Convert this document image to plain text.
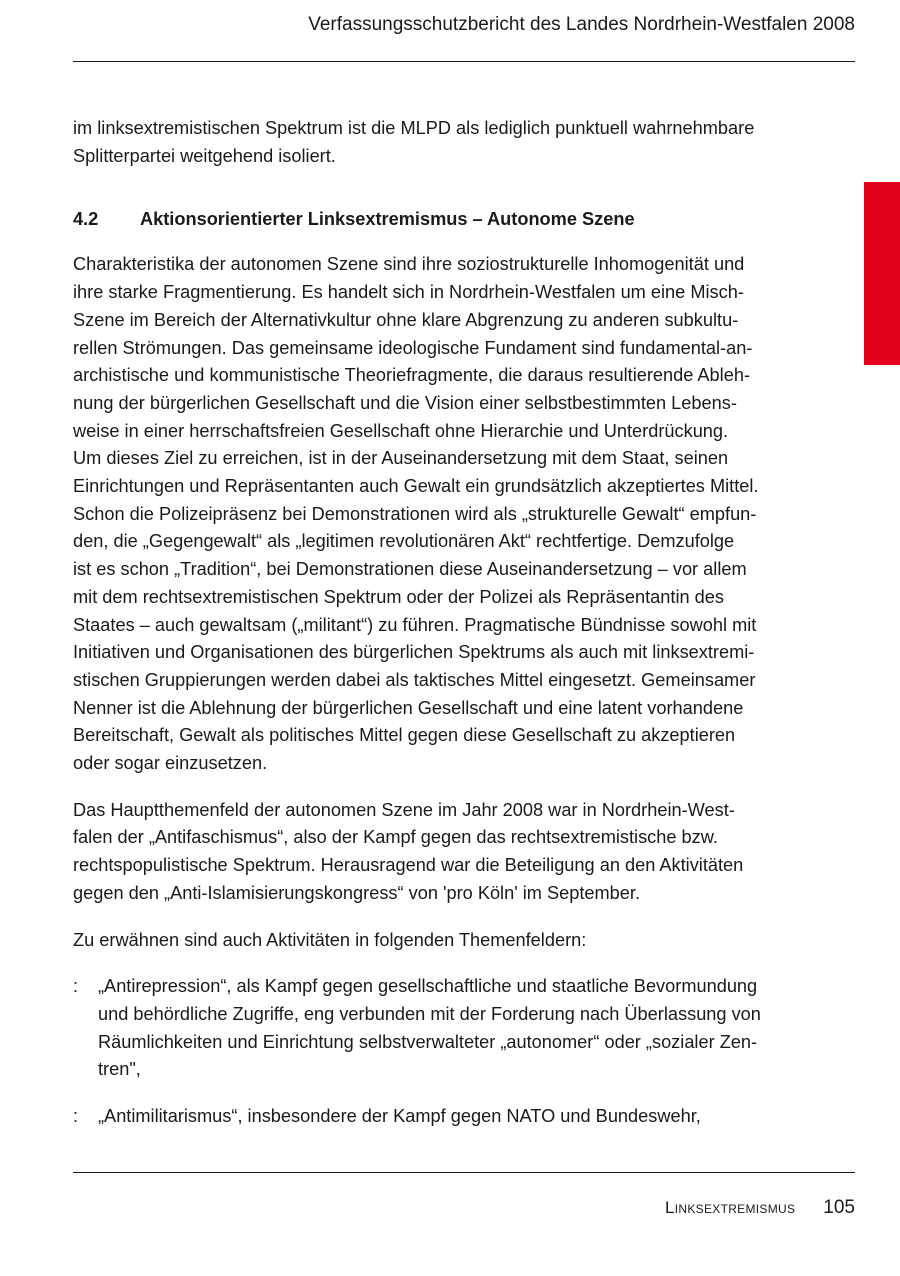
Verfassungsschutzbericht des Landes Nordrhein-Westfalen 2008

im linksextremistischen Spektrum ist die MLPD als lediglich punktuell wahrnehmbare
Splitterpartei weitgehend isoliert.

4.2	Aktionsorientierter Linksextremismus – Autonome Szene

Charakteristika der autonomen Szene sind ihre soziostrukturelle Inhomogenität und
ihre starke Fragmentierung. Es handelt sich in Nordrhein-Westfalen um eine Misch-
Szene im Bereich der Alternativkultur ohne klare Abgrenzung zu anderen subkultu-
rellen Strömungen. Das gemeinsame ideologische Fundament sind fundamental-an-
archistische und kommunistische Theoriefragmente, die daraus resultierende Ableh-
nung der bürgerlichen Gesellschaft und die Vision einer selbstbestimmten Lebens-
weise in einer herrschaftsfreien Gesellschaft ohne Hierarchie und Unterdrückung.
Um dieses Ziel zu erreichen, ist in der Auseinandersetzung mit dem Staat, seinen
Einrichtungen und Repräsentanten auch Gewalt ein grundsätzlich akzeptiertes Mittel.
Schon die Polizeipräsenz bei Demonstrationen wird als „strukturelle Gewalt“ empfun-
den, die „Gegengewalt“ als „legitimen revolutionären Akt“ rechtfertige. Demzufolge
ist es schon „Tradition“, bei Demonstrationen diese Auseinandersetzung – vor allem
mit dem rechtsextremistischen Spektrum oder der Polizei als Repräsentantin des
Staates – auch gewaltsam („militant“) zu führen. Pragmatische Bündnisse sowohl mit
Initiativen und Organisationen des bürgerlichen Spektrums als auch mit linksextremi-
stischen Gruppierungen werden dabei als taktisches Mittel eingesetzt. Gemeinsamer
Nenner ist die Ablehnung der bürgerlichen Gesellschaft und eine latent vorhandene
Bereitschaft, Gewalt als politisches Mittel gegen diese Gesellschaft zu akzeptieren
oder sogar einzusetzen.

Das Hauptthemenfeld der autonomen Szene im Jahr 2008 war in Nordrhein-West-
falen der „Antifaschismus“, also der Kampf gegen das rechtsextremistische bzw.
rechtspopulistische Spektrum. Herausragend war die Beteiligung an den Aktivitäten
gegen den „Anti-Islamisierungskongress“ von 'pro Köln' im September.

Zu erwähnen sind auch Aktivitäten in folgenden Themenfeldern:

:	„Antirepression“, als Kampf gegen gesellschaftliche und staatliche Bevormundung
und behördliche Zugriffe, eng verbunden mit der Forderung nach Überlassung von
Räumlichkeiten und Einrichtung selbstverwalteter „autonomer“ oder „sozialer Zen-
tren",
:	„Antimilitarismus“, insbesondere der Kampf gegen NATO und Bundeswehr,
Linksextremismus 105
